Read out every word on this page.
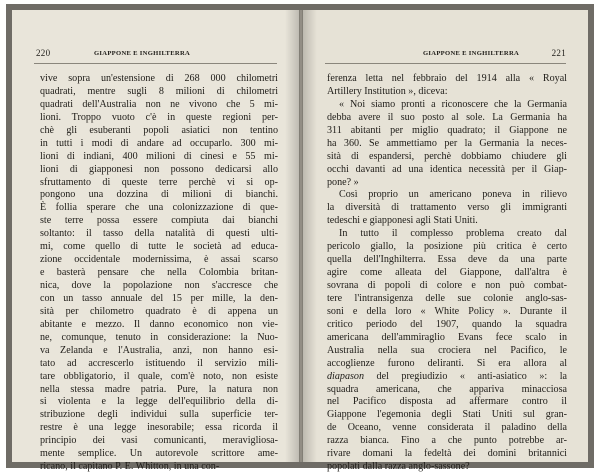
220	GIAPPONE E INGHILTERRA
vive sopra un'estensione di 268 000 chilometri
quadrati, mentre sugli 8 milioni di chilometri
quadrati dell'Australia non ne vivono che 5 mi-
lioni. Troppo vuoto c'è in queste regioni per-
chè gli esuberanti popoli asiatici non tentino
in tutti i modi di andare ad occuparlo. 300 mi-
lioni di indiani, 400 milioni di cinesi e 55 mi-
lioni di giapponesi non possono dedicarsi allo
sfruttamento di queste terre perchè vi si op-
pongono una dozzina di milioni di bianchi.
È follia sperare che una colonizzazione di que-
ste terre possa essere compiuta dai bianchi
soltanto: il tasso della natalità di questi ulti-
mi, come quello di tutte le società ad educa-
zione occidentale modernissima, è assai scarso
e basterà pensare che nella Colombia britan-
nica, dove la popolazione non s'accresce che
con un tasso annuale del 15 per mille, la den-
sità per chilometro quadrato è di appena un
abitante e mezzo. Il danno economico non vie-
ne, comunque, tenuto in considerazione: la Nuo-
va Zelanda e l'Australia, anzi, non hanno esi-
tato ad accrescerlo istituendo il servizio mili-
tare obbligatorio, il quale, com'è noto, non esiste
nella stessa madre patria. Pure, la natura non
si violenta e la legge dell'equilibrio della di-
stribuzione degli individui sulla superficie ter-
restre è una legge inesorabile; essa ricorda il
principio dei vasi comunicanti, meravigliosa-
mente semplice. Un autorevole scrittore ame-
ricano, il capitano P. E. Whitton, in una con-
GIAPPONE E INGHILTERRA	221
ferenza letta nel febbraio del 1914 alla « Royal
Artillery Institution », diceva:
« Noi siamo pronti a riconoscere che la Germania
debba avere il suo posto al sole. La Germania ha
311 abitanti per miglio quadrato; il Giappone ne
ha 360. Se ammettiamo per la Germania la neces-
sità di espandersi, perchè dobbiamo chiudere gli
occhi davanti ad una identica necessità per il Giap-
pone? »
Così proprio un americano poneva in rilievo
la diversità di trattamento verso gli immigranti
tedeschi e giapponesi agli Stati Uniti.
In tutto il complesso problema creato dal
pericolo giallo, la posizione più critica è certo
quella dell'Inghilterra. Essa deve da una parte
agire come alleata del Giappone, dall'altra è
sovrana di popoli di colore e non può combat-
tere l'intransigenza delle sue colonie anglo-sas-
soni e della loro « White Policy ». Durante il
critico periodo del 1907, quando la squadra
americana dell'ammiraglio Evans fece scalo in
Australia nella sua crociera nel Pacifico, le
accoglienze furono deliranti. Si era allora al
diapason del pregiudizio « anti-asiatico »: la
squadra americana, che appariva minacciosa
nel Pacifico disposta ad affermare contro il
Giappone l'egemonia degli Stati Uniti sul gran-
de Oceano, venne considerata il paladino della
razza bianca. Fino a che punto potrebbe ar-
rivare domani la fedeltà dei domini britannici
popolati dalla razza anglo-sassone?
